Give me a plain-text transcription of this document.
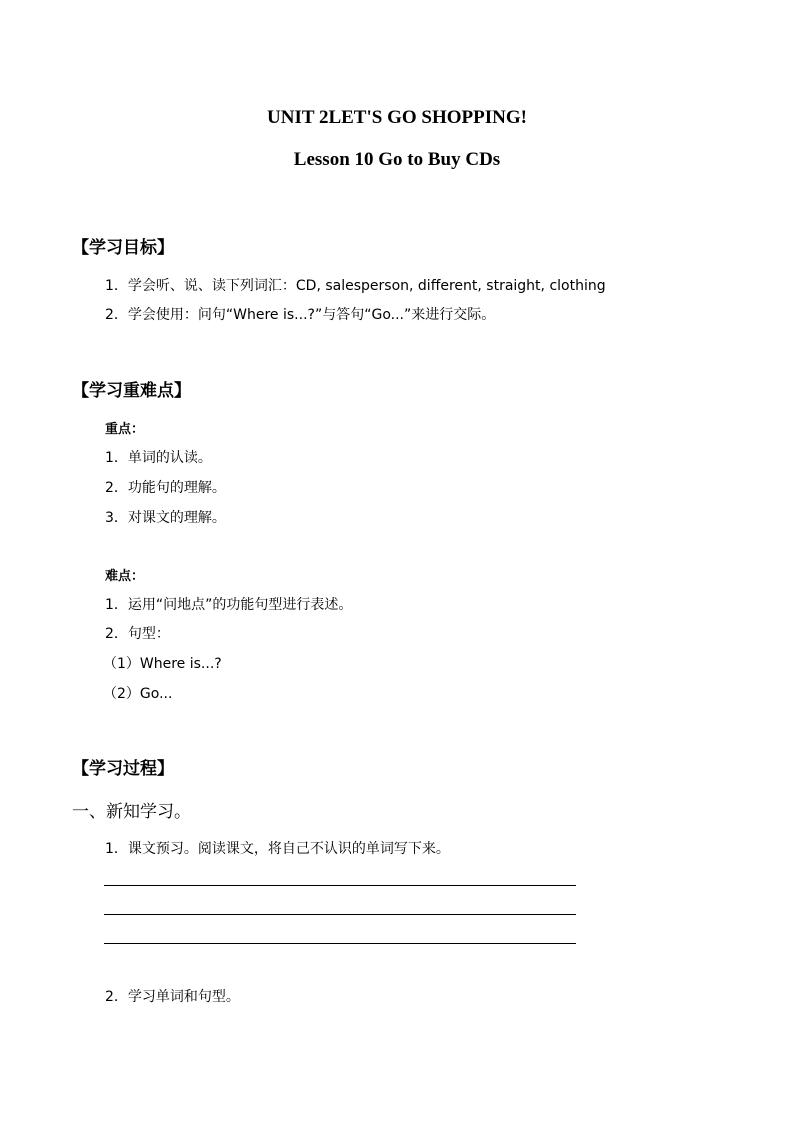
UNIT 2LET'S GO SHOPPING!
Lesson 10 Go to Buy CDs
【学习目标】
1．学会听、说、读下列词汇：CD, salesperson, different, straight, clothing
2．学会使用：问句“Where is...?”与答句“Go...”来进行交际。
【学习重难点】
重点：
1．单词的认读。
2．功能句的理解。
3．对课文的理解。
难点：
1．运用“问地点”的功能句型进行表述。
2．句型：
（1）Where is...?
（2）Go...
【学习过程】
一、新知学习。
1．课文预习。阅读课文，将自己不认识的单词写下来。
2．学习单词和句型。
